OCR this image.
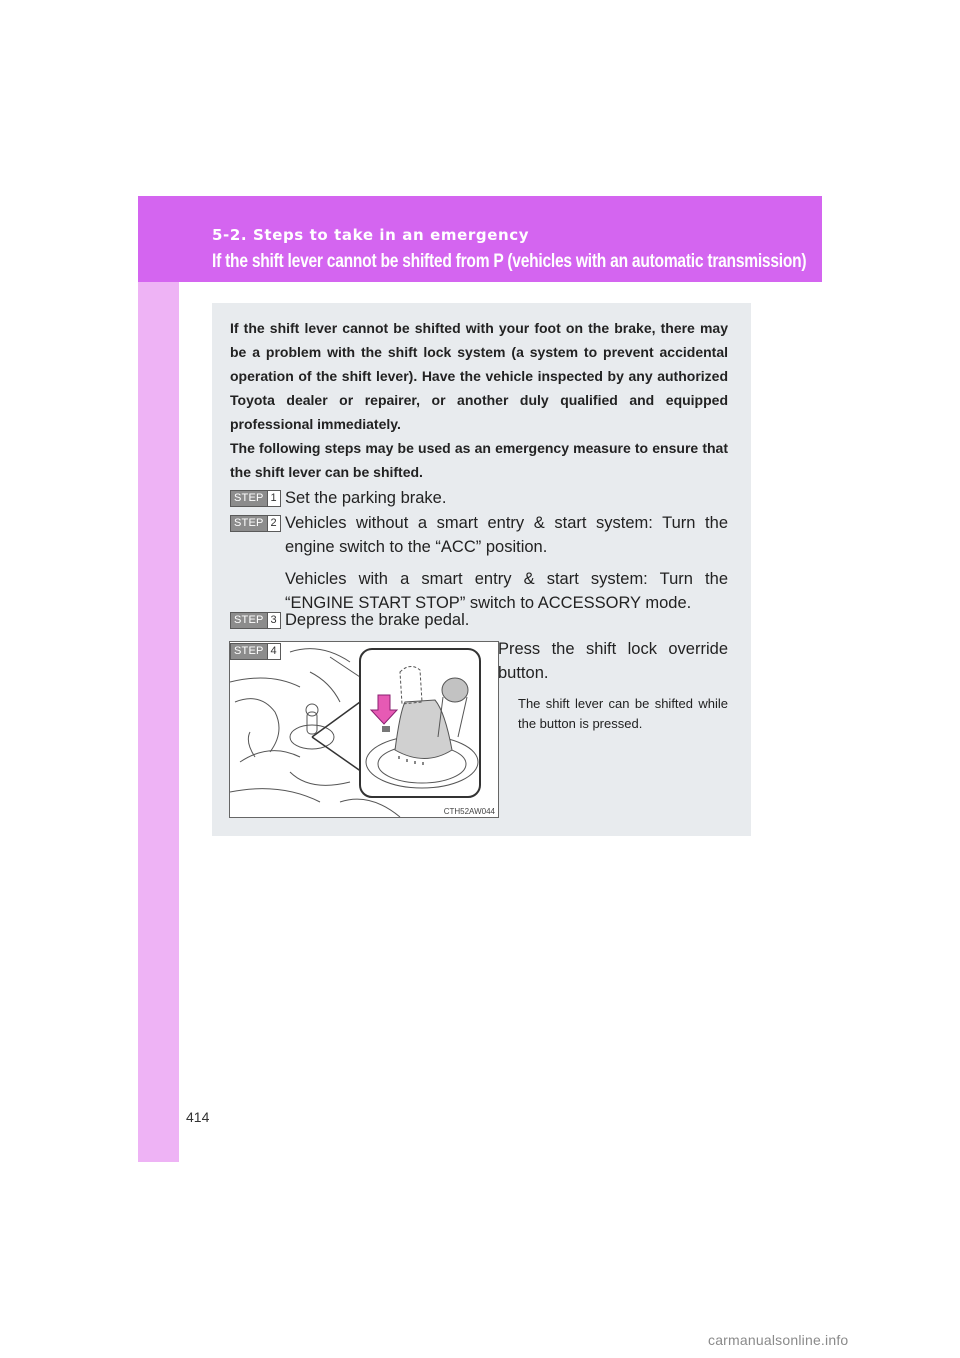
5-2. Steps to take in an emergency
If the shift lever cannot be shifted from P (vehicles with an automatic transmission)
If the shift lever cannot be shifted with your foot on the brake, there may be a problem with the shift lock system (a system to prevent accidental operation of the shift lever). Have the vehicle inspected by any authorized Toyota dealer or repairer, or another duly qualified and equipped professional immediately.
The following steps may be used as an emergency measure to ensure that the shift lever can be shifted.
STEP 1 Set the parking brake.

STEP 2 Vehicles without a smart entry & start system: Turn the engine switch to the “ACC” position.

Vehicles with a smart entry & start system: Turn the “ENGINE START STOP” switch to ACCESSORY mode.

STEP 3 Depress the brake pedal.

STEP 4
CTH52AW044

Press the shift lock override button.

The shift lever can be shifted while the button is pressed.

414
carmanualsonline.info
